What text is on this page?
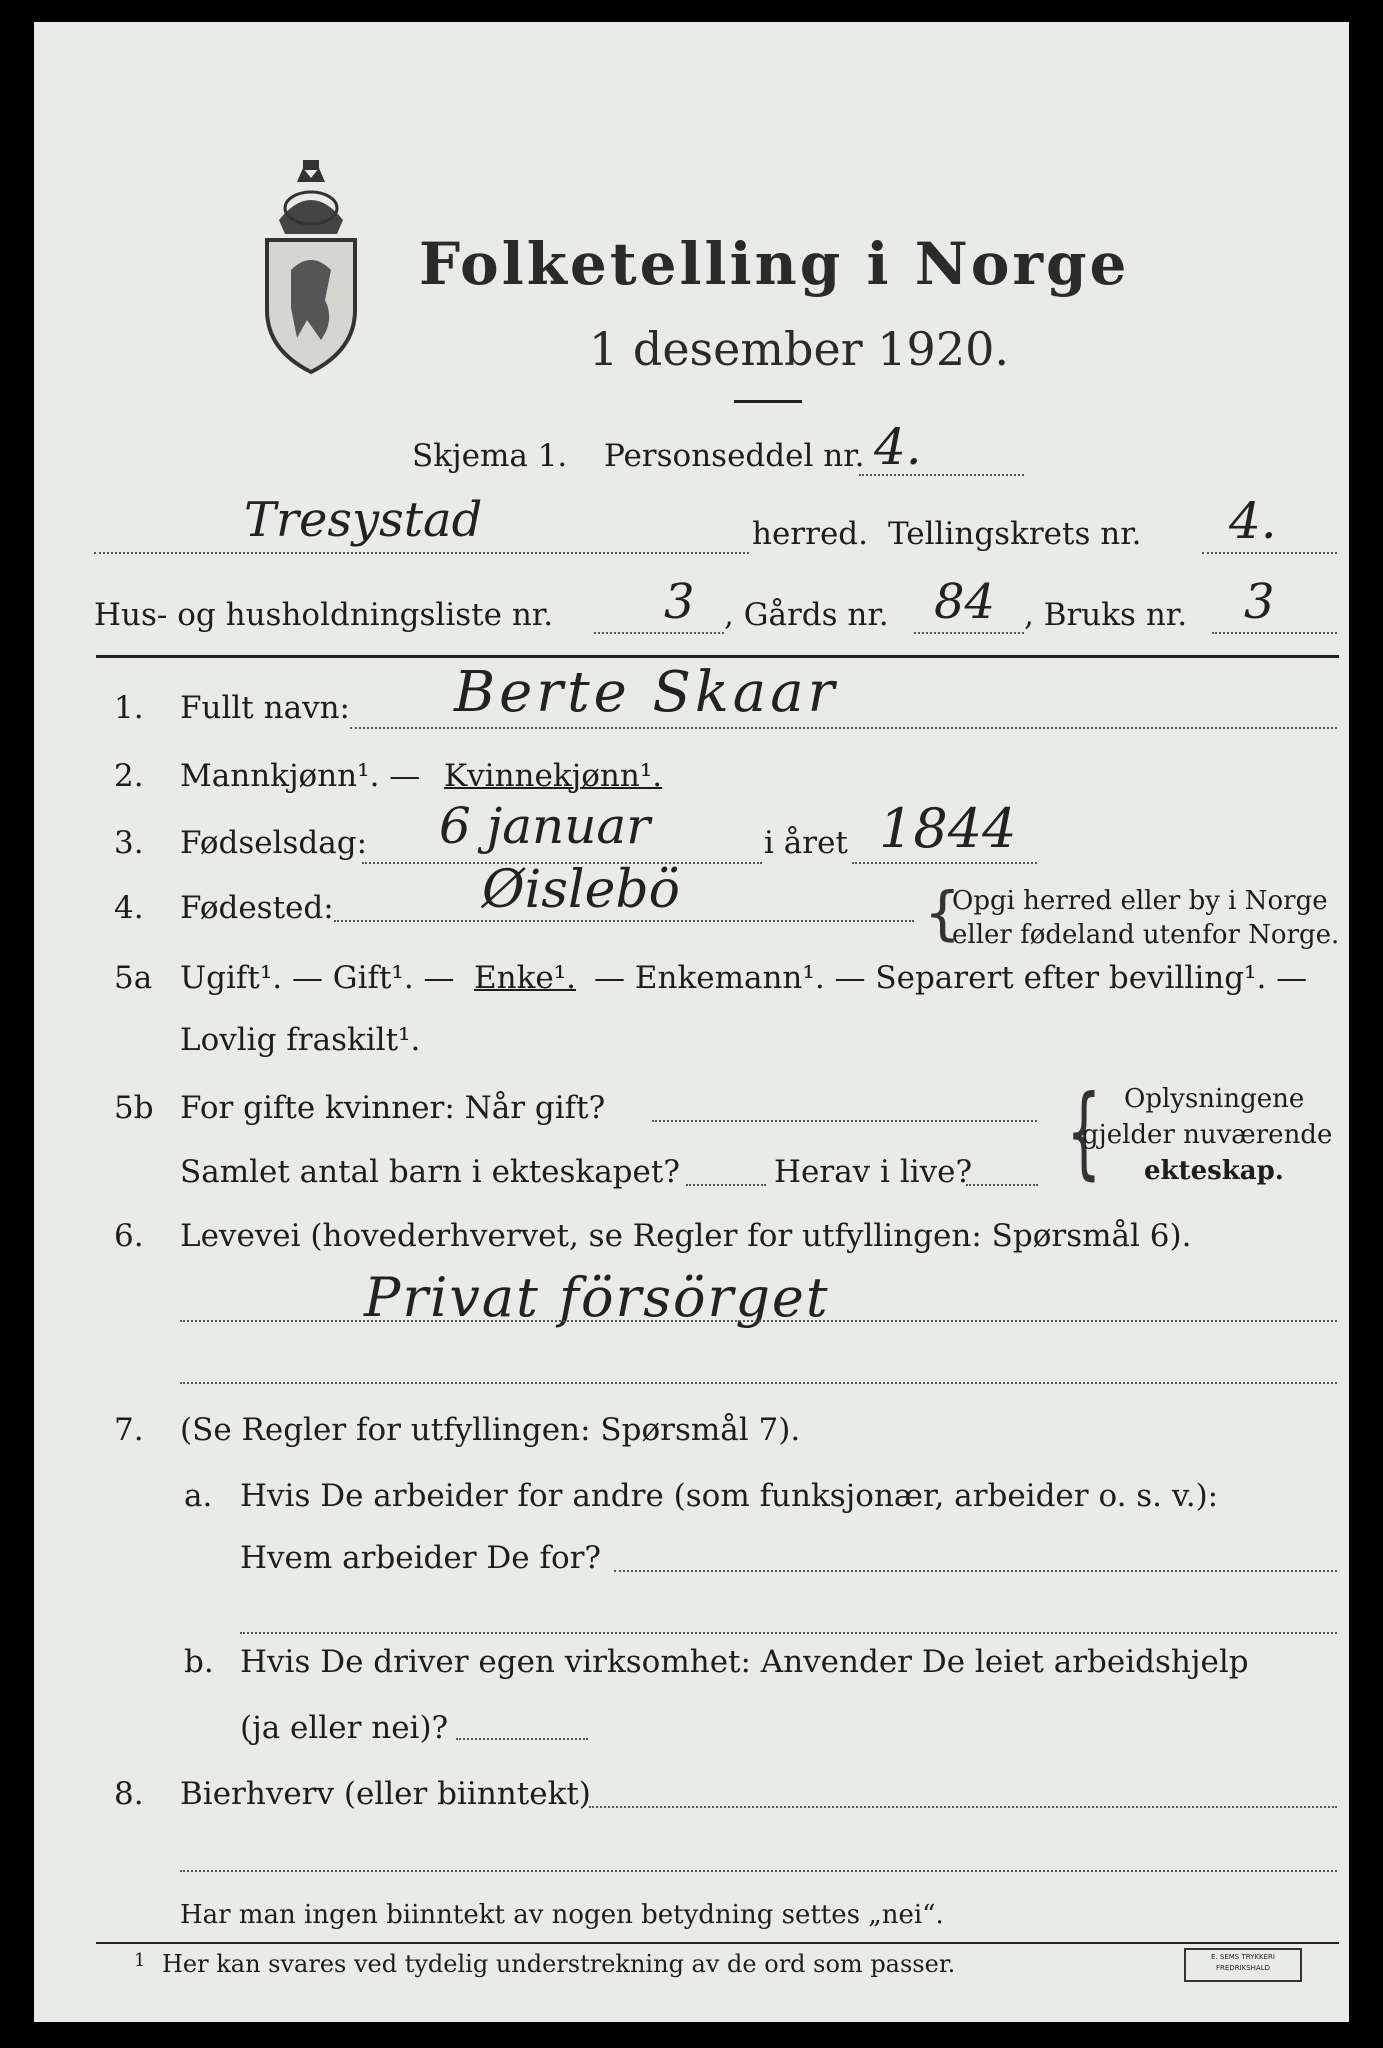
Folketelling i Norge
1 desember 1920.
Skjema 1. Personseddel nr. 4.
Tresystad	herred. Tellingskrets nr. 4.
Hus- og husholdningsliste nr. 3 , Gårds nr. 84 , Bruks nr. 3
1. Fullt navn: Berte Skaar
2. Mannkjønn¹. — Kvinnekjønn¹.
3. Fødselsdag: 6 januar	i året 1844
4. Fødested:	Øislebö	{
Opgi herred eller by i Norge
eller fødeland utenfor Norge.
5a Ugift¹. — Gift¹. — Enke¹. — Enkemann¹. — Separert efter bevilling¹. —
Lovlig fraskilt¹.
5b For gifte kvinner: Når gift?
Samlet antal barn i ekteskapet?	Herav i live? { Oplysningene
gjelder nuværende
ekteskap.
6. Levevei (hovederhvervet, se Regler for utfyllingen: Spørsmål 6).
Privat försörget
7. (Se Regler for utfyllingen: Spørsmål 7).
a. Hvis De arbeider for andre (som funksjonær, arbeider o. s. v.):
Hvem arbeider De for?
b. Hvis De driver egen virksomhet: Anvender De leiet arbeidshjelp
(ja eller nei)?
8. Bierhverv (eller biinntekt)
Har man ingen biinntekt av nogen betydning settes „nei“.
1 Her kan svares ved tydelig understrekning av de ord som passer.	E. SEMS TRYKKERI
FREDRIKSHALD
